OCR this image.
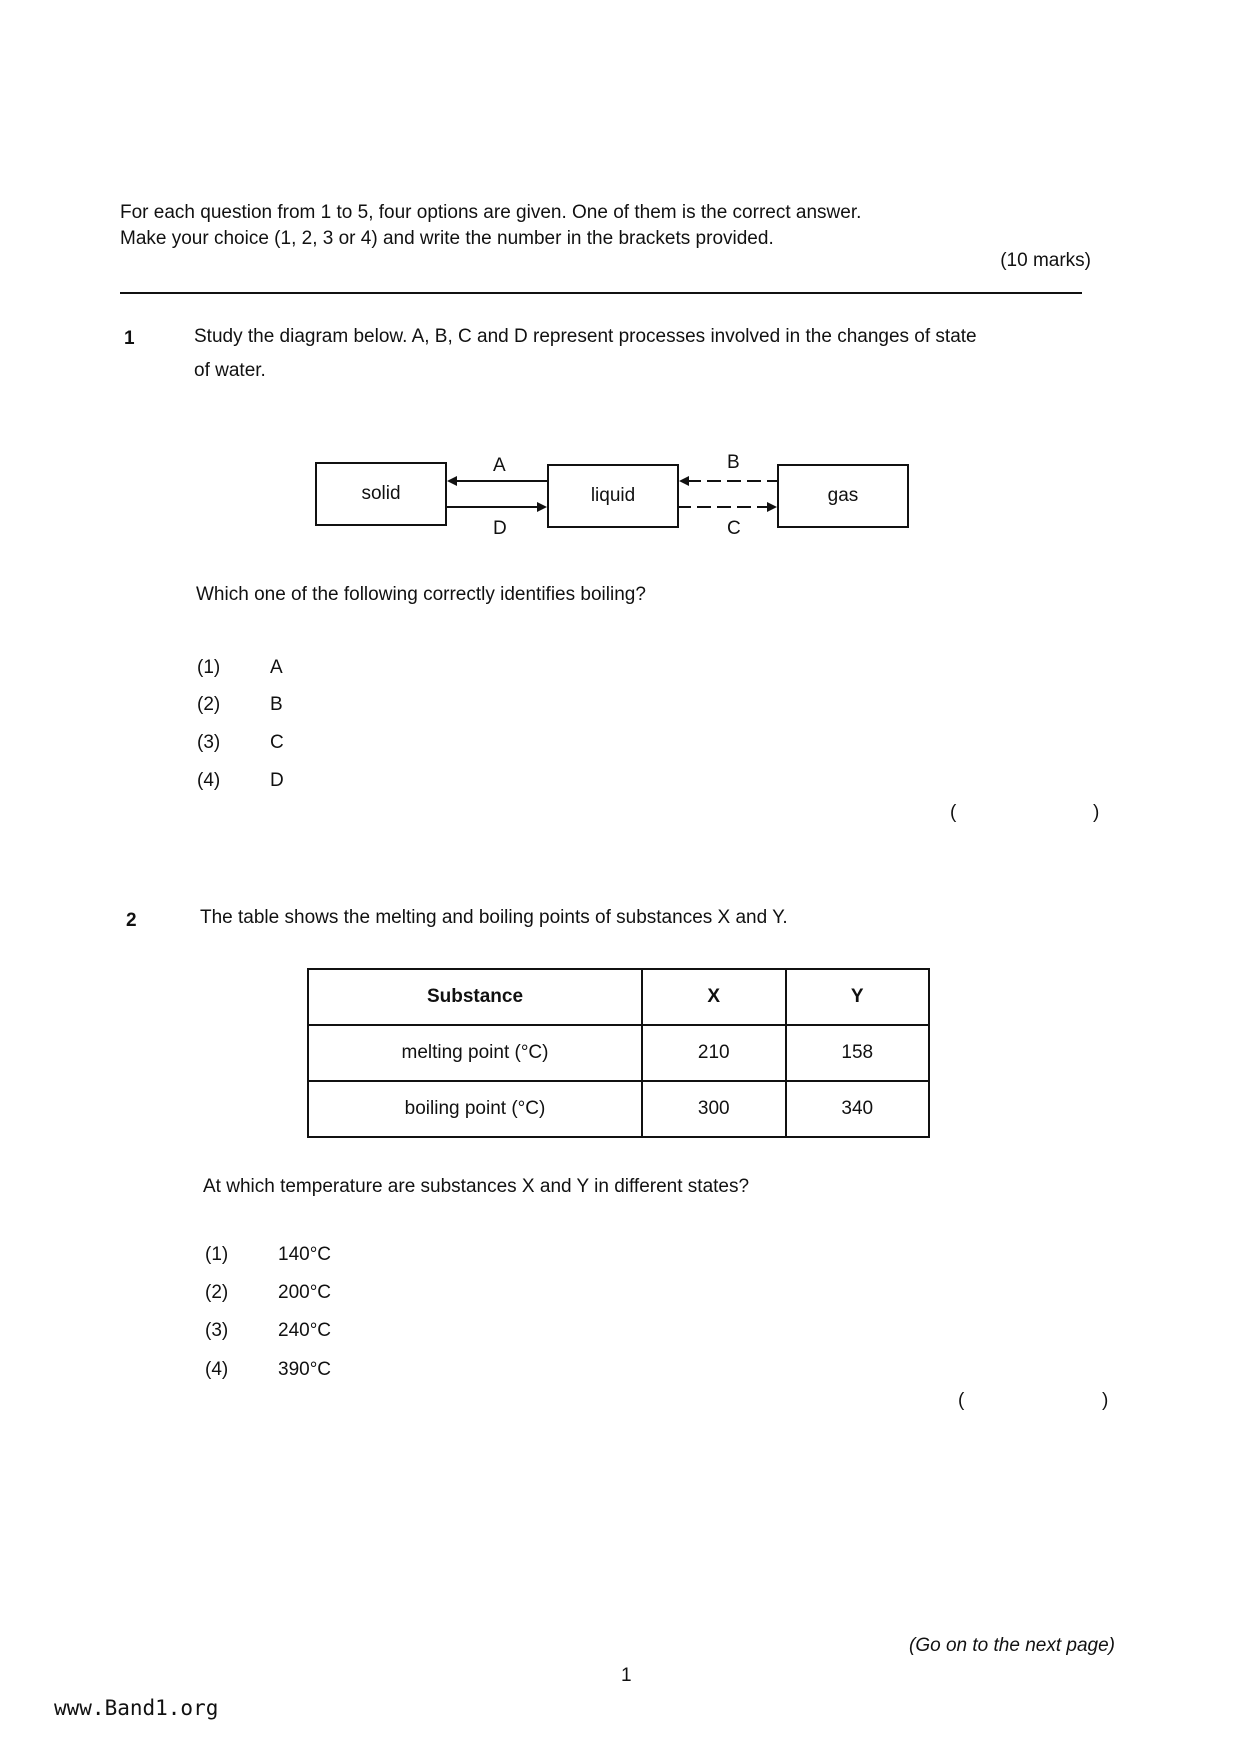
For each question from 1 to 5, four options are given. One of them is the correct answer.
Make your choice (1, 2, 3 or 4) and write the number in the brackets provided.
(10 marks)
1	Study the diagram below. A, B, C and D represent processes involved in the changes of state
of water.
solid	liquid	gas
A
D
B
C
Which one of the following correctly identifies boiling?
(1)	A
(2)	B
(3)	C
(4)	D
(	)
2	The table shows the melting and boiling points of substances X and Y.
Substance	X	Y
melting point (°C)	210	158
boiling point (°C)	300	340
At which temperature are substances X and Y in different states?
(1)	140°C
(2)	200°C
(3)	240°C
(4)	390°C
(	)
(Go on to the next page)
1
www.Band1.org
